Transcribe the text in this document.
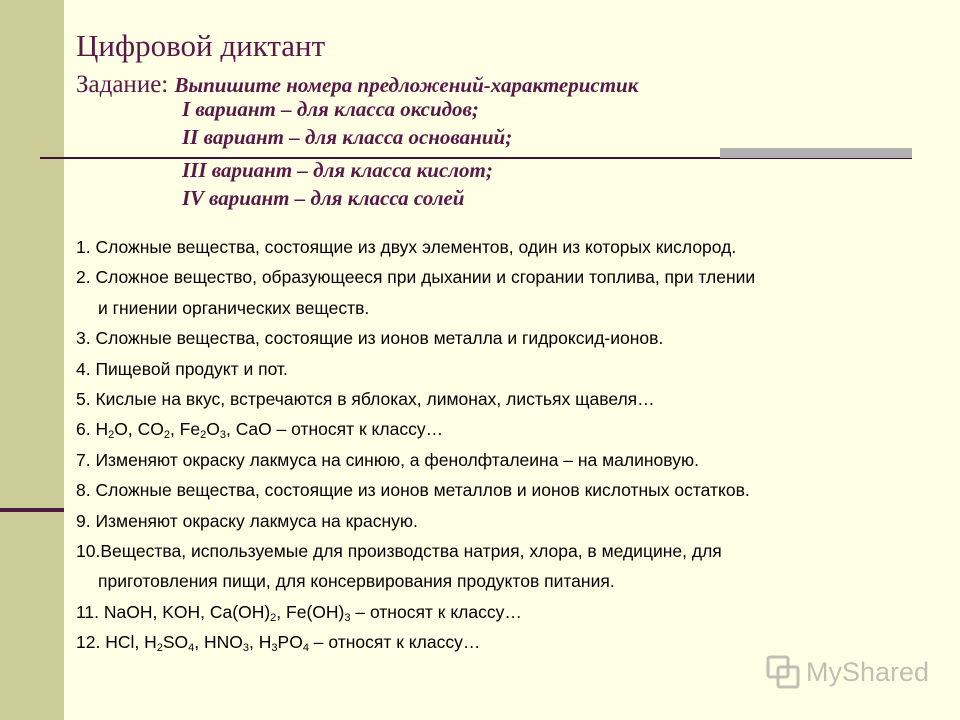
Цифровой диктант
Задание: Выпишите номера предложений-характеристик
I вариант – для класса оксидов;
II вариант – для класса оснований;
III вариант – для класса кислот;
IV вариант – для класса солей
1. Сложные вещества, состоящие из двух элементов, один из которых кислород.
2. Сложное вещество, образующееся при дыхании и сгорании топлива, при тлении
и гниении органических веществ.
3. Сложные вещества, состоящие из ионов металла и гидроксид-ионов.
4. Пищевой продукт и пот.
5. Кислые на вкус, встречаются в яблоках, лимонах, листьях щавеля…
6. $H_2O$, $CO_2$, $Fe_2O_3$, CaO – относят к классу…
7. Изменяют окраску лакмуса на синюю, а фенолфталеина – на малиновую.
8. Сложные вещества, состоящие из ионов металлов и ионов кислотных остатков.
9. Изменяют окраску лакмуса на красную.
10.Вещества, используемые для производства натрия, хлора, в медицине, для
приготовления пищи, для консервирования продуктов питания.
11. NaOH, KOH, $Ca(OH)_2$, $Fe(OH)_3$ – относят к классу…
12. HCl, $H_2SO_4$, $HNO_3$, $H_3PO_4$ – относят к классу…
MyShared
